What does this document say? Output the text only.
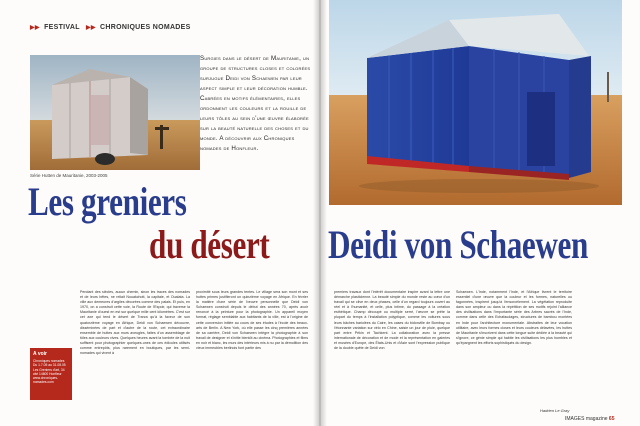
▶▶ FESTIVAL ▶▶ CHRONIQUES NOMADES
Série Hutten de Mauritanie, 2003-2005
Surgies dans le désert de Mauritanie, un groupe de structures closes et colorées surjugue Deidi von Schaewen par leur aspect simple et leur décoration humble. Cabrées en motifs élémentaires, elles ordonnent les couleurs et la rouille de leurs tôles au sein d'une œuvre élaborée sur la beauté naturelle des choses et du monde. A découvrir aux Chroniques nomades de Honfleur.
Les greniers
du désert
A voir
Chroniques nomades Du 1.7.05 au 31.08.05 Les Greniers d'art, 34 cité 14600 Honfleur www.chroniques-nomades.com
Pendant des siècles, aucun chemin, sinon les traces des nomades et de leurs bêtes, ne reliait Nouakchott, la capitale, et Oualata. La ville aux demeures d'argiles décorées comme des palais. Et puis, en 1970, on a construit cette voie, la Route de l'Espoir, qui traverse la Mauritanie d'ouest en est sur quelque mille cent kilomètres. C'est sur cet axe qui tend le désert de Trarza qu'à la faveur de son quatorzième voyage en Afrique, Deidi von Schaewen découvre, disséminées de part et d'autre de la route, cet extraordinaire ensemble de huttes aux murs aveugles, faites d'un assemblage de tôles aux couleurs vives. Quelques heures avant la tombée de la nuit suffisent pour photographier quelques-unes de ces édicules utilisés comme entrepôts, plus rarement en boutiques, par les semi-nomades qui vivent à
proximité sous leurs grandes tentes. Le village sera son mont et ses huttes primes justifieront un quinzième voyage en Afrique. En février la matière d'une série de l'œuvre personnelle que Deidi von Schaewen construit depuis le début des années 70, après avoir renoncé à la peinture pour la photographie. Un appareil moyen format, réglage semblable aux habitants de la ville, est à l'origine de cette conversion initiée au cours de ses études à l'école des beaux-arts de Berlin. A New York, où elle passe les cinq premières années de sa carrière, Deidi von Schaewen intègre la photographie à son travail de designer et s'initie bientôt au cinéma. Photographies et films en noir et blanc, les murs des intérieurs mis à nu par la démolition des vieux immeubles berlinois font partie des
Deidi von Schaewen
premiers travaux dont l'intérêt documentaire inspire avant la lettre une démarche plasticienne. La beauté simple du monde reste au cœur d'un travail qui se clive en deux phases, celle d'un regard toujours ouvert au réel et à l'humanité, et celle, plus intime, du passage à la création esthétique. Champ découpé ou multiple serré, l'œuvre se prête la plupart du temps à l'installation polyptique, comme les voitures sous leurs bâches bariolées du Caire, les cases du bidonville de Bombay ou l'étonnante variation sur vélo en Chine, saisie un jour de pluie, quelque part entre Pékin et Tachkent. La collaboration avec la presse internationale de décoration et de mode et la représentation en galeries et musées d'Europe, des États-Unis et d'Asie sont l'expression publique de la double quête de Deidi von
Schaewen. L'Inde, notamment l'Inde, et l'Afrique livrent le territoire essentiel d'une œuvre que la couleur et les formes, naturelles ou fagonnées, inspirent jusqu'à l'ensorcèlement. La végétation reproduite dans son ampleur ou dans la répétition de ses motifs rejoint l'alliance des civilisations dans l'importante série des Arbres sacrés de l'Inde, comme dans celle des Echafaudages, structures de bambou montées en Inde pour l'architecture monumentale. Abstraites de leur vocation utilitaire, avec leurs formes closes et leurs couleurs délavées, les huttes de Mauritanie s'inscrivent dans cette longue suite dédiée à la beauté qui s'ignore, ce génie simple qui habite les civilisations les plus humbles et qu'épargnent les efforts sophistiqués du design.
Hadrien Le Gray
IMAGES magazine 65
